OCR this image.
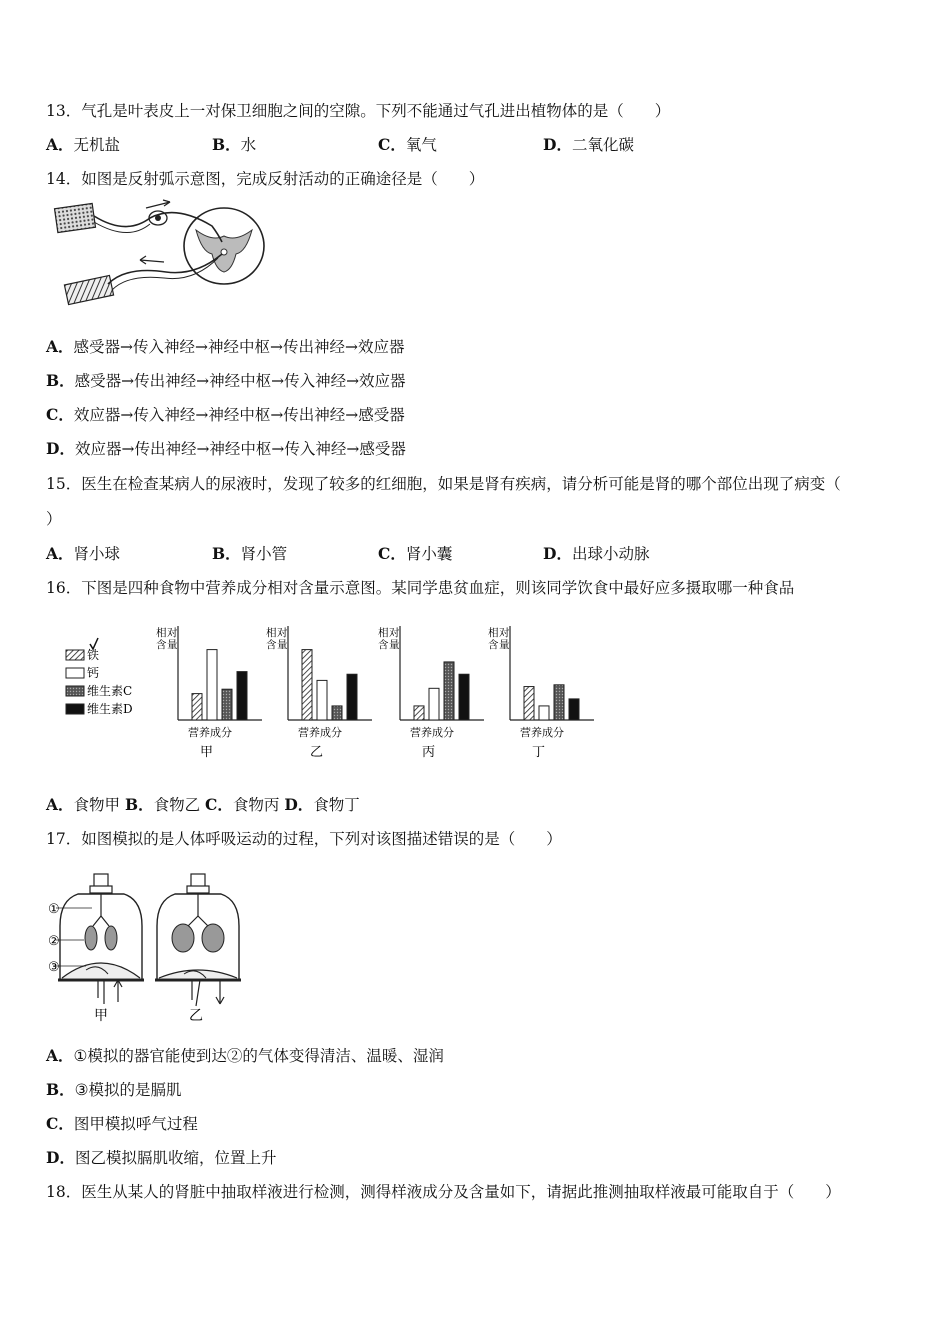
13．气孔是叶表皮上一对保卫细胞之间的空隙。下列不能通过气孔进出植物体的是（　　）
A．无机盐	B．水	C．氧气	D．二氧化碳
14．如图是反射弧示意图，完成反射活动的正确途径是（　　）
A．感受器→传入神经→神经中枢→传出神经→效应器
B．感受器→传出神经→神经中枢→传入神经→效应器
C．效应器→传入神经→神经中枢→传出神经→感受器
D．效应器→传出神经→神经中枢→传入神经→感受器
15．医生在检查某病人的尿液时，发现了较多的红细胞，如果是肾有疾病，请分析可能是肾的哪个部位出现了病变（
）
A．肾小球	B．肾小管	C．肾小囊	D．出球小动脉
16．下图是四种食物中营养成分相对含量示意图。某同学患贫血症，则该同学饮食中最好应多摄取哪一种食品
铁
钙
维生素C
维生素D
相对含量
营养成分
甲
相对含量
营养成分
乙
相对含量
营养成分
丙
相对含量
营养成分
丁
A．食物甲 B．食物乙 C．食物丙 D．食物丁
17．如图模拟的是人体呼吸运动的过程，下列对该图描述错误的是（　　）
①
②
③
甲	乙
A．①模拟的器官能使到达②的气体变得清洁、温暖、湿润
B．③模拟的是膈肌
C．图甲模拟呼气过程
D．图乙模拟膈肌收缩，位置上升
18．医生从某人的肾脏中抽取样液进行检测，测得样液成分及含量如下，请据此推测抽取样液最可能取自于（　　）
